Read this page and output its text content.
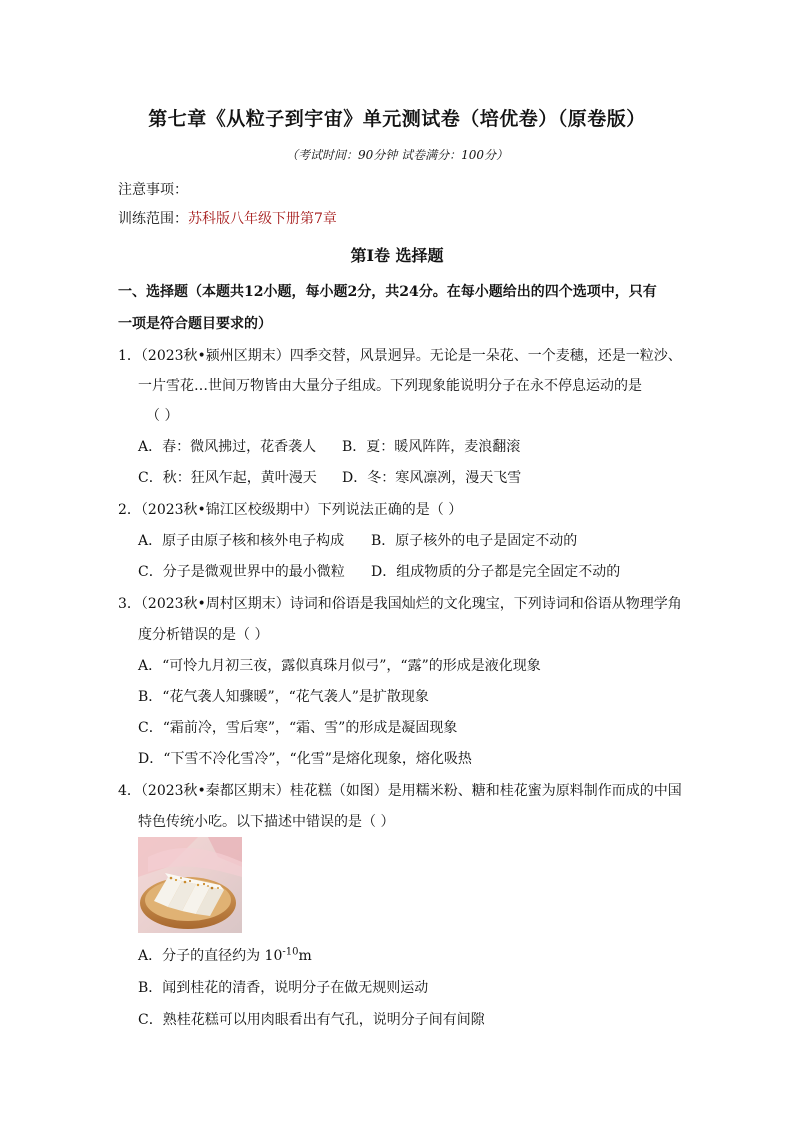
第七章《从粒子到宇宙》单元测试卷（培优卷）（原卷版）
（考试时间：90分钟 试卷满分：100分）
注意事项：
训练范围：苏科版八年级下册第7章
第Ⅰ卷 选择题
一、选择题（本题共12小题，每小题2分，共24分。在每小题给出的四个选项中，只有
一项是符合题目要求的）
1．（2023秋•颍州区期末）四季交替，风景迥异。无论是一朵花、一个麦穗，还是一粒沙、
一片雪花…世间万物皆由大量分子组成。下列现象能说明分子在永不停息运动的是
（ ）
A．春：微风拂过，花香袭人 B．夏：暖风阵阵，麦浪翻滚
C．秋：狂风乍起，黄叶漫天 D．冬：寒风凛冽，漫天飞雪
2．（2023秋•锦江区校级期中）下列说法正确的是（ ）
A．原子由原子核和核外电子构成 B．原子核外的电子是固定不动的
C．分子是微观世界中的最小微粒 D．组成物质的分子都是完全固定不动的
3．（2023秋•周村区期末）诗词和俗语是我国灿烂的文化瑰宝，下列诗词和俗语从物理学角
度分析错误的是（ ）
A．“可怜九月初三夜，露似真珠月似弓”，“露”的形成是液化现象
B．“花气袭人知骤暖”，“花气袭人”是扩散现象
C．“霜前冷，雪后寒”，“霜、雪”的形成是凝固现象
D．“下雪不冷化雪冷”，“化雪”是熔化现象，熔化吸热
4．（2023秋•秦都区期末）桂花糕（如图）是用糯米粉、糖和桂花蜜为原料制作而成的中国
特色传统小吃。以下描述中错误的是（ ）
A．分子的直径约为 $10^{-10}m$
B．闻到桂花的清香，说明分子在做无规则运动
C．熟桂花糕可以用肉眼看出有气孔，说明分子间有间隙
